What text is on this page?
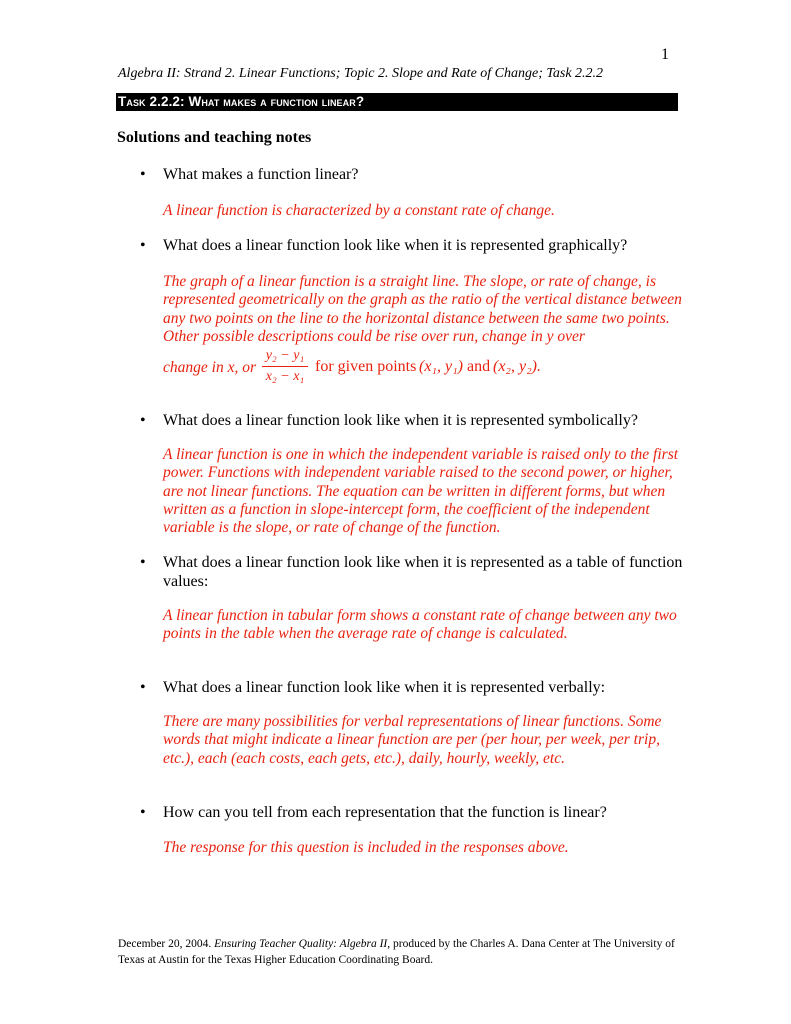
1
Algebra II: Strand 2. Linear Functions; Topic 2. Slope and Rate of Change; Task 2.2.2
Task 2.2.2: What makes a function linear?
Solutions and teaching notes
• What makes a function linear?
A linear function is characterized by a constant rate of change.
• What does a linear function look like when it is represented graphically?
The graph of a linear function is a straight line. The slope, or rate of change, is represented geometrically on the graph as the ratio of the vertical distance between any two points on the line to the horizontal distance between the same two points. Other possible descriptions could be rise over run, change in y over
change in x, or
y₂ − y₁
x₂ − x₁
for given points (x₁, y₁) and (x₂, y₂).
• What does a linear function look like when it is represented symbolically?
A linear function is one in which the independent variable is raised only to the first power. Functions with independent variable raised to the second power, or higher, are not linear functions. The equation can be written in different forms, but when written as a function in slope-intercept form, the coefficient of the independent variable is the slope, or rate of change of the function.
• What does a linear function look like when it is represented as a table of function values:
A linear function in tabular form shows a constant rate of change between any two points in the table when the average rate of change is calculated.
• What does a linear function look like when it is represented verbally:
There are many possibilities for verbal representations of linear functions. Some words that might indicate a linear function are per (per hour, per week, per trip, etc.), each (each costs, each gets, etc.), daily, hourly, weekly, etc.
• How can you tell from each representation that the function is linear?
The response for this question is included in the responses above.
December 20, 2004. Ensuring Teacher Quality: Algebra II, produced by the Charles A. Dana Center at The University of Texas at Austin for the Texas Higher Education Coordinating Board.
